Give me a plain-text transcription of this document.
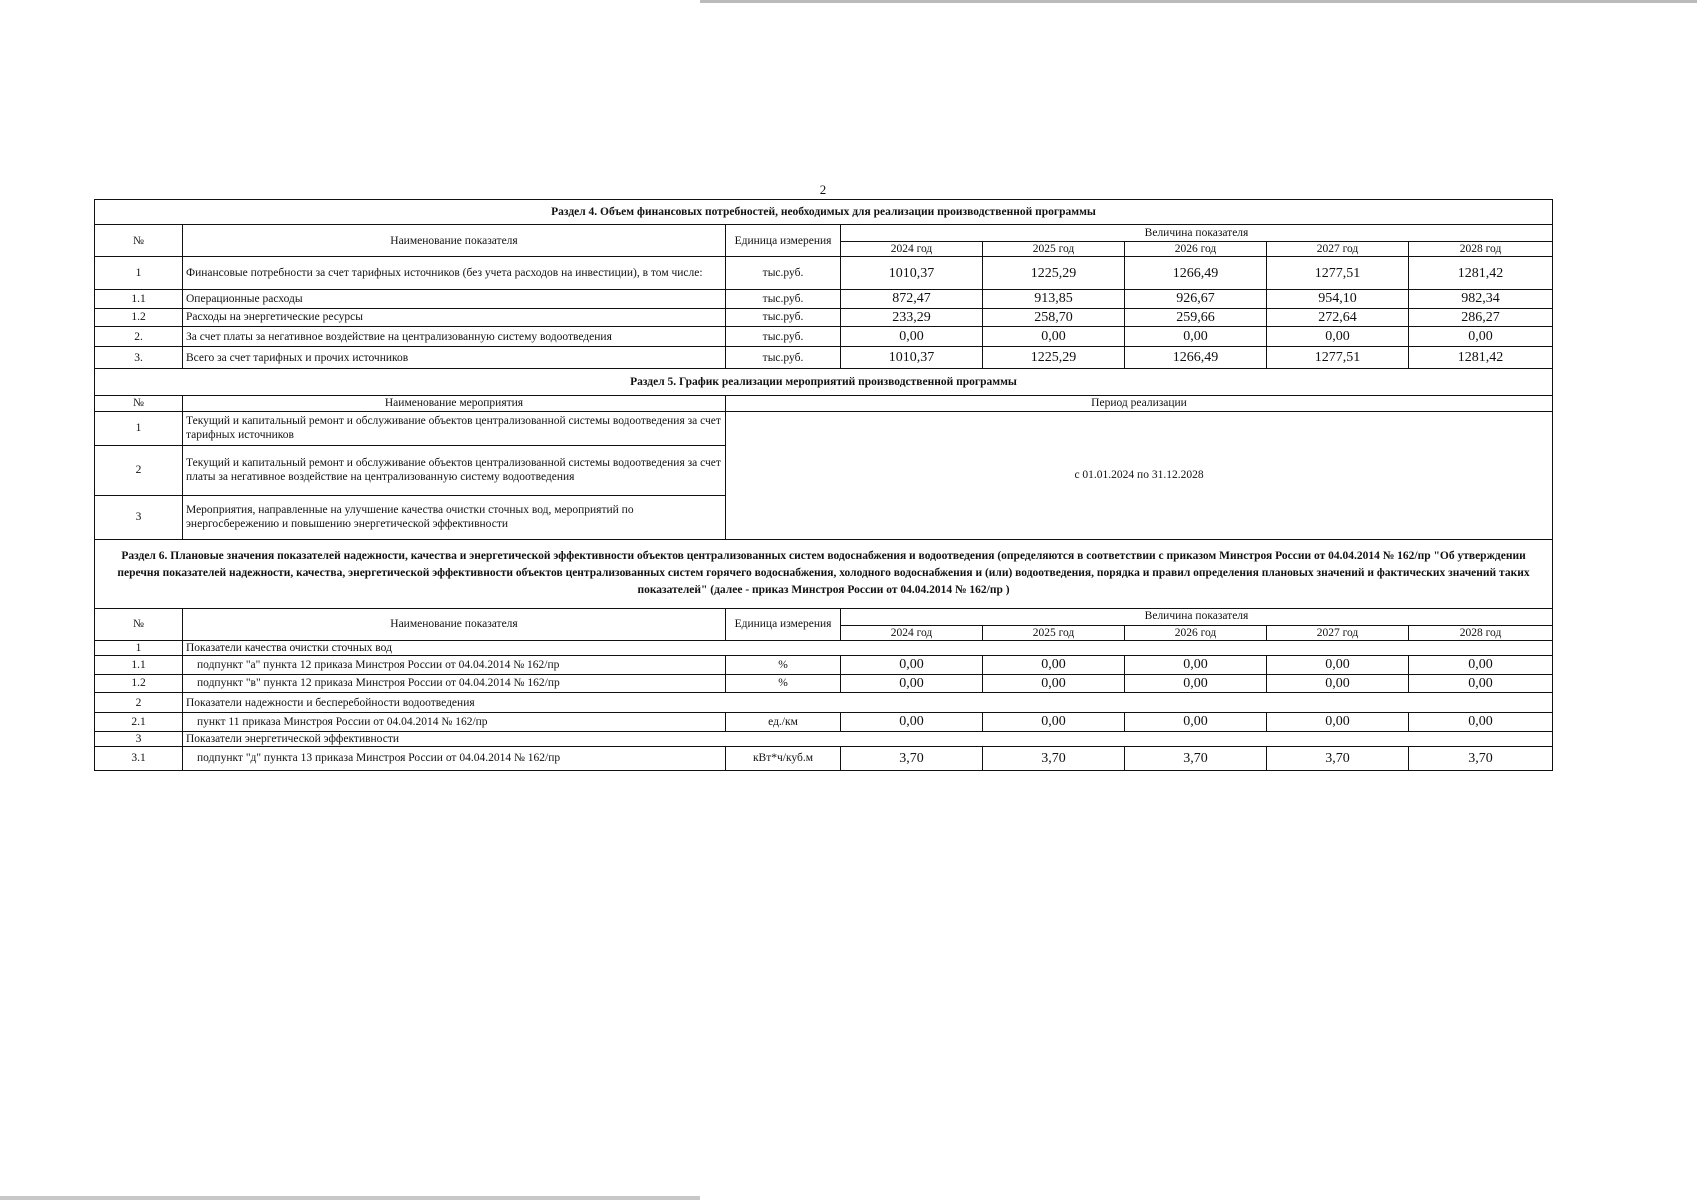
2
Раздел 4. Объем финансовых потребностей, необходимых для реализации производственной программы							
№	Наименование показателя	Единица измерения	Величина показателя				
			2024 год	2025 год	2026 год	2027 год	2028 год
1	Финансовые потребности за счет тарифных источников (без учета расходов на инвестиции), в том числе:	тыс.руб.	1010,37	1225,29	1266,49	1277,51	1281,42
1.1	Операционные расходы	тыс.руб.	872,47	913,85	926,67	954,10	982,34
1.2	Расходы на энергетические ресурсы	тыс.руб.	233,29	258,70	259,66	272,64	286,27
2.	За счет платы за негативное воздействие на централизованную систему водоотведения	тыс.руб.	0,00	0,00	0,00	0,00	0,00
3.	Всего за счет тарифных и прочих источников	тыс.руб.	1010,37	1225,29	1266,49	1277,51	1281,42
Раздел 5. График реализации мероприятий производственной программы							
№	Наименование мероприятия	Период реализации					
1	Текущий и капитальный ремонт и обслуживание объектов централизованной системы водоотведения за счет тарифных источников	с 01.01.2024 по 31.12.2028					
2	Текущий и капитальный ремонт и обслуживание объектов централизованной системы водоотведения за счет платы за негативное воздействие на централизованную систему водоотведения						
3	Мероприятия, направленные на улучшение качества очистки сточных вод, мероприятий по энергосбережению и повышению энергетической эффективности						
Раздел 6. Плановые значения показателей надежности, качества и энергетической эффективности объектов централизованных систем водоснабжения и водоотведения (определяются в соответствии с приказом Минстроя России от 04.04.2014 № 162/пр "Об утверждении перечня показателей надежности, качества, энергетической эффективности объектов централизованных систем горячего водоснабжения, холодного водоснабжения и (или) водоотведения, порядка и правил определения плановых значений и фактических значений таких показателей" (далее - приказ Минстроя России от 04.04.2014 № 162/пр )							
№	Наименование показателя	Единица измерения	Величина показателя				
			2024 год	2025 год	2026 год	2027 год	2028 год
1	Показатели качества очистки сточных вод						
1.1	подпункт "а" пункта 12 приказа Минстроя России от 04.04.2014 № 162/пр	%	0,00	0,00	0,00	0,00	0,00
1.2	подпункт "в" пункта 12 приказа Минстроя России от 04.04.2014 № 162/пр	%	0,00	0,00	0,00	0,00	0,00
2	Показатели надежности и бесперебойности водоотведения						
2.1	пункт 11 приказа Минстроя России от 04.04.2014 № 162/пр	ед./км	0,00	0,00	0,00	0,00	0,00
3	Показатели энергетической эффективности						
3.1	подпункт "д" пункта 13 приказа Минстроя России от 04.04.2014 № 162/пр	кВт*ч/куб.м	3,70	3,70	3,70	3,70	3,70
